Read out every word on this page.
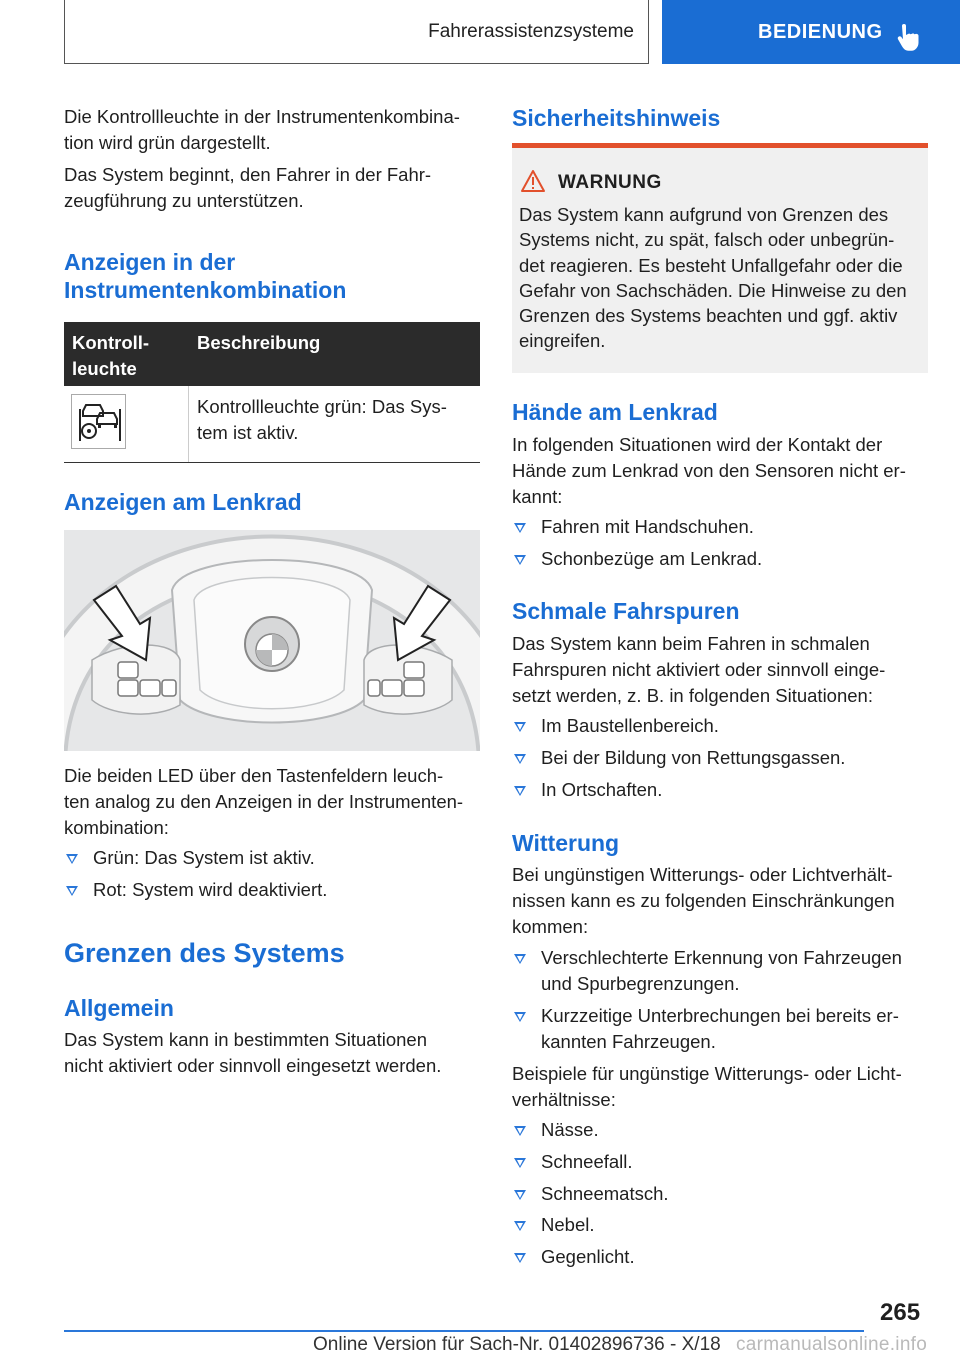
Fahrerassistenzsysteme	BEDIENUNG

Die Kontrollleuchte in der Instrumentenkombina-

tion wird grün dargestellt.

Das System beginnt, den Fahrer in der Fahr-

zeugführung zu unterstützen.

Anzeigen in der
Instrumentenkombination
Kontroll-
leuchte
Beschreibung
Kontrollleuchte grün: Das Sys-
tem ist aktiv.
Anzeigen am Lenkrad

Die beiden LED über den Tastenfeldern leuch-

ten analog zu den Anzeigen in der Instrumenten-

kombination:

Grün: Das System ist aktiv.
Rot: System wird deaktiviert.
Grenzen des Systems
Allgemein

Das System kann in bestimmten Situationen

nicht aktiviert oder sinnvoll eingesetzt werden.

Sicherheitshinweis
WARNUNG
Das System kann aufgrund von Grenzen des
Systems nicht, zu spät, falsch oder unbegrün-
det reagieren. Es besteht Unfallgefahr oder die
Gefahr von Sachschäden. Die Hinweise zu den
Grenzen des Systems beachten und ggf. aktiv
eingreifen.
Hände am Lenkrad

In folgenden Situationen wird der Kontakt der

Hände zum Lenkrad von den Sensoren nicht er-

kannt:

Fahren mit Handschuhen.
Schonbezüge am Lenkrad.
Schmale Fahrspuren

Das System kann beim Fahren in schmalen

Fahrspuren nicht aktiviert oder sinnvoll einge-

setzt werden, z. B. in folgenden Situationen:

Im Baustellenbereich.
Bei der Bildung von Rettungsgassen.
In Ortschaften.
Witterung

Bei ungünstigen Witterungs- oder Lichtverhält-

nissen kann es zu folgenden Einschränkungen

kommen:

Verschlechterte Erkennung von Fahrzeugen
und Spurbegrenzungen.
Kurzzeitige Unterbrechungen bei bereits er-
kannten Fahrzeugen.

Beispiele für ungünstige Witterungs- oder Licht-

verhältnisse:

Nässe.
Schneefall.
Schneematsch.
Nebel.
Gegenlicht.
265
Online Version für Sach-Nr. 01402896736 - X/18 carmanualsonline.info
